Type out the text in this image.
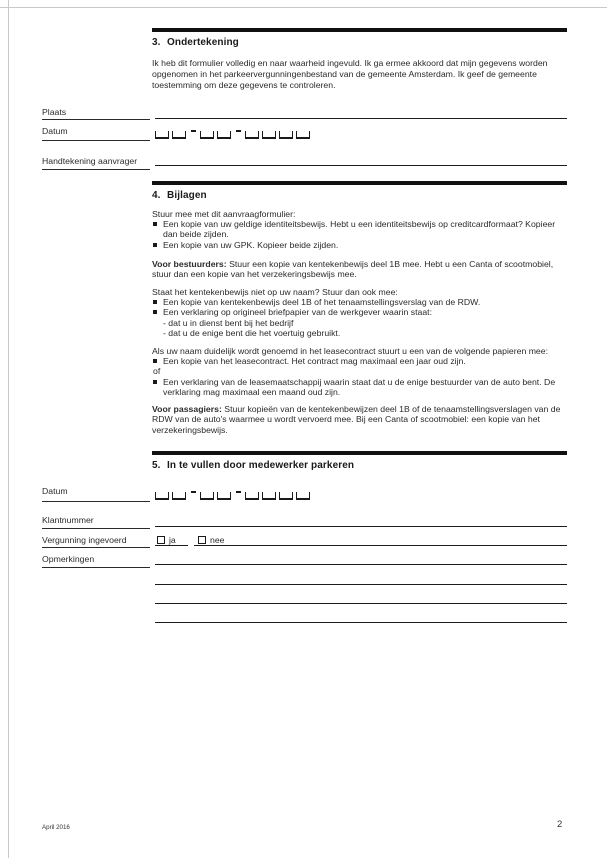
3. Ondertekening
Ik heb dit formulier volledig en naar waarheid ingevuld. Ik ga ermee akkoord dat mijn gegevens worden opgenomen in het parkeervergunningenbestand van de gemeente Amsterdam. Ik geef de gemeente toestemming om deze gegevens te controleren.
Plaats
Datum
Handtekening aanvrager
4. Bijlagen
Stuur mee met dit aanvraagformulier:
Een kopie van uw geldige identiteitsbewijs. Hebt u een identiteitsbewijs op creditcardformaat? Kopieer dan beide zijden.
Een kopie van uw GPK. Kopieer beide zijden.
Voor bestuurders: Stuur een kopie van kentekenbewijs deel 1B mee. Hebt u een Canta of scootmobiel, stuur dan een kopie van het verzekeringsbewijs mee.
Staat het kentekenbewijs niet op uw naam? Stuur dan ook mee:
Een kopie van kentekenbewijs deel 1B of het tenaamstellingsverslag van de RDW.
Een verklaring op origineel briefpapier van de werkgever waarin staat:
- dat u in dienst bent bij het bedrijf
- dat u de enige bent die het voertuig gebruikt.
Als uw naam duidelijk wordt genoemd in het leasecontract stuurt u een van de volgende papieren mee:
Een kopie van het leasecontract. Het contract mag maximaal een jaar oud zijn.
of
Een verklaring van de leasemaatschappij waarin staat dat u de enige bestuurder van de auto bent. De verklaring mag maximaal een maand oud zijn.
Voor passagiers: Stuur kopieën van de kentekenbewijzen deel 1B of de tenaamstellingsverslagen van de RDW van de auto's waarmee u wordt vervoerd mee. Bij een Canta of scootmobiel: een kopie van het verzekeringsbewijs.
5. In te vullen door medewerker parkeren
Datum
Klantnummer
Vergunning ingevoerd	ja	nee
Opmerkingen
April 2016	2
